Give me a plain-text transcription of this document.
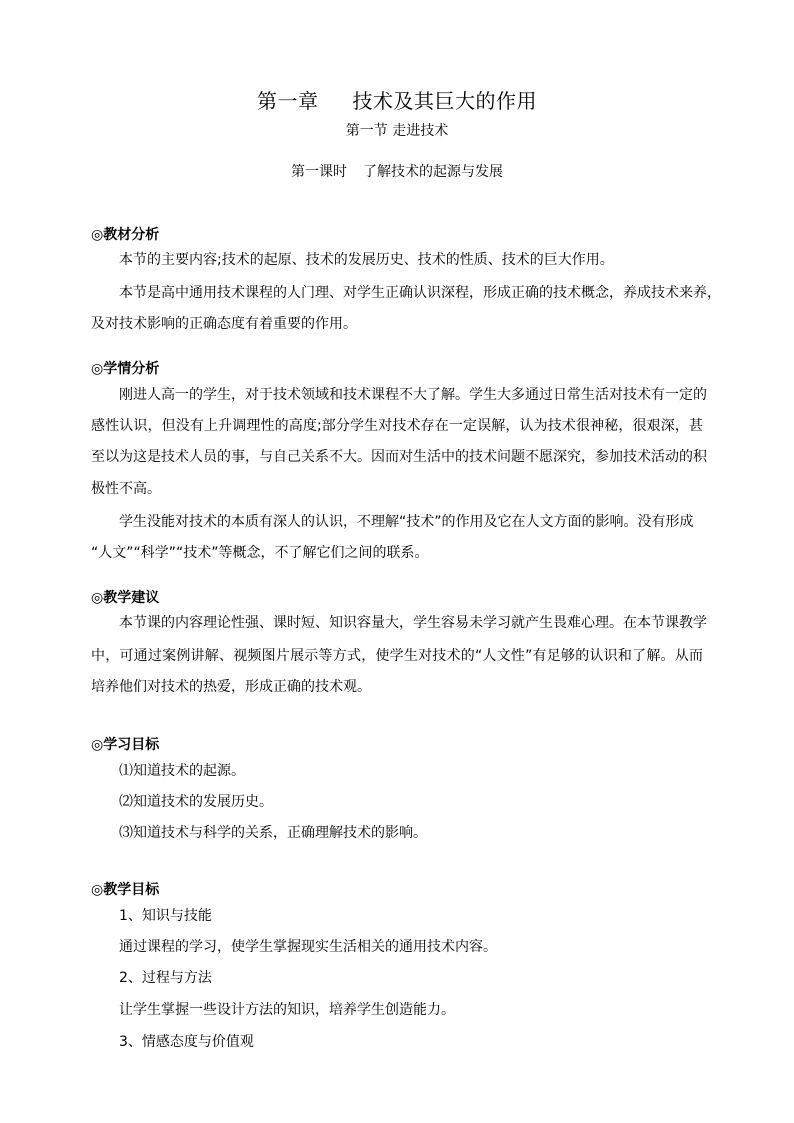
第一章 技术及其巨大的作用
第一节 走进技术
第一课时 了解技术的起源与发展
◎教材分析
本节的主要内容;技术的起原、技术的发展历史、技术的性质、技术的巨大作用。
本节是高中通用技术课程的人门理、对学生正确认识深程，形成正确的技术概念，养成技术来养，
及对技术影响的正确态度有着重要的作用。
◎学情分析
刚进人高一的学生，对于技术领域和技术课程不大了解。学生大多通过日常生活对技术有一定的
感性认识，但没有上升调理性的高度;部分学生对技术存在一定误解，认为技术很神秘，很艰深，甚
至以为这是技术人员的事，与自己关系不大。因而对生活中的技术问题不愿深究，参加技术活动的积
极性不高。
学生没能对技术的本质有深人的认识，不理解“技术”的作用及它在人文方面的影响。没有形成
“人文”“科学”“技术”等概念，不了解它们之间的联系。
◎教学建议
本节课的内容理论性强、课时短、知识容量大，学生容易未学习就产生畏难心理。在本节课教学
中，可通过案例讲解、视频图片展示等方式，使学生对技术的“人文性”有足够的认识和了解。从而
培养他们对技术的热爱，形成正确的技术观。
◎学习目标
⑴知道技术的起源。
⑵知道技术的发展历史。
⑶知道技术与科学的关系，正确理解技术的影响。
◎教学目标
1、知识与技能
通过课程的学习，使学生掌握现实生活相关的通用技术内容。
2、过程与方法
让学生掌握一些设计方法的知识，培养学生创造能力。
3、情感态度与价值观
